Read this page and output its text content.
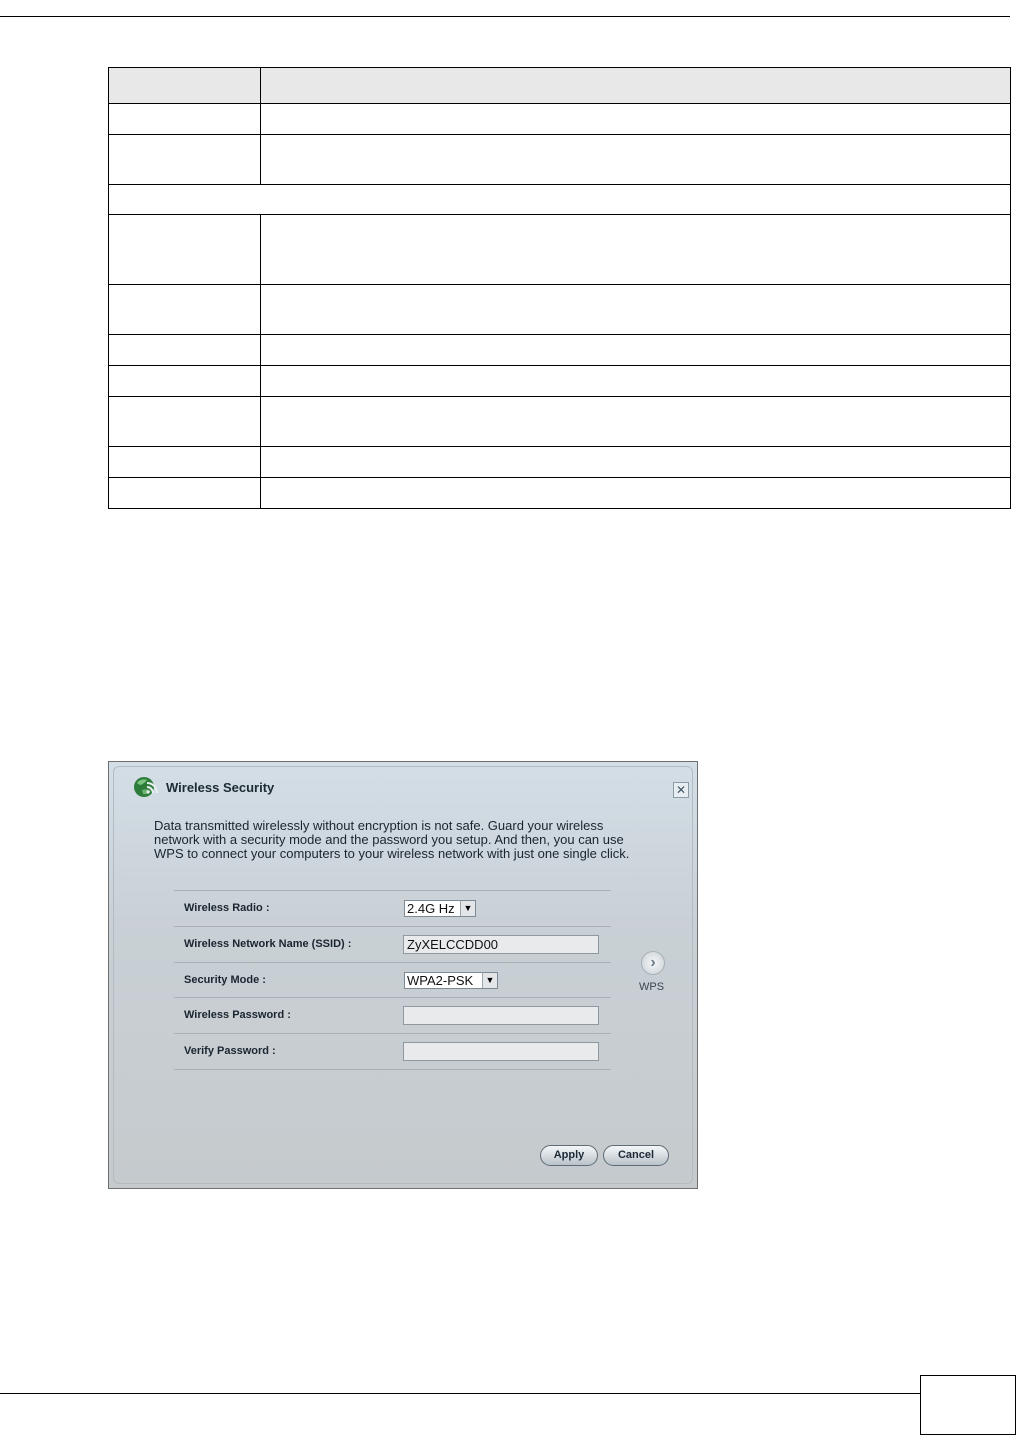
Wireless Security	✕
Data transmitted wirelessly without encryption is not safe. Guard your wireless
network with a security mode and the password you setup. And then, you can use
WPS to connect your computers to your wireless network with just one single click.
Wireless Radio :	2.4G Hz ▼
Wireless Network Name (SSID) :
ZyXELCCDD00
Security Mode :	WPA2-PSK	▼
Wireless Password :
Verify Password :
›
WPS
Apply	Cancel
